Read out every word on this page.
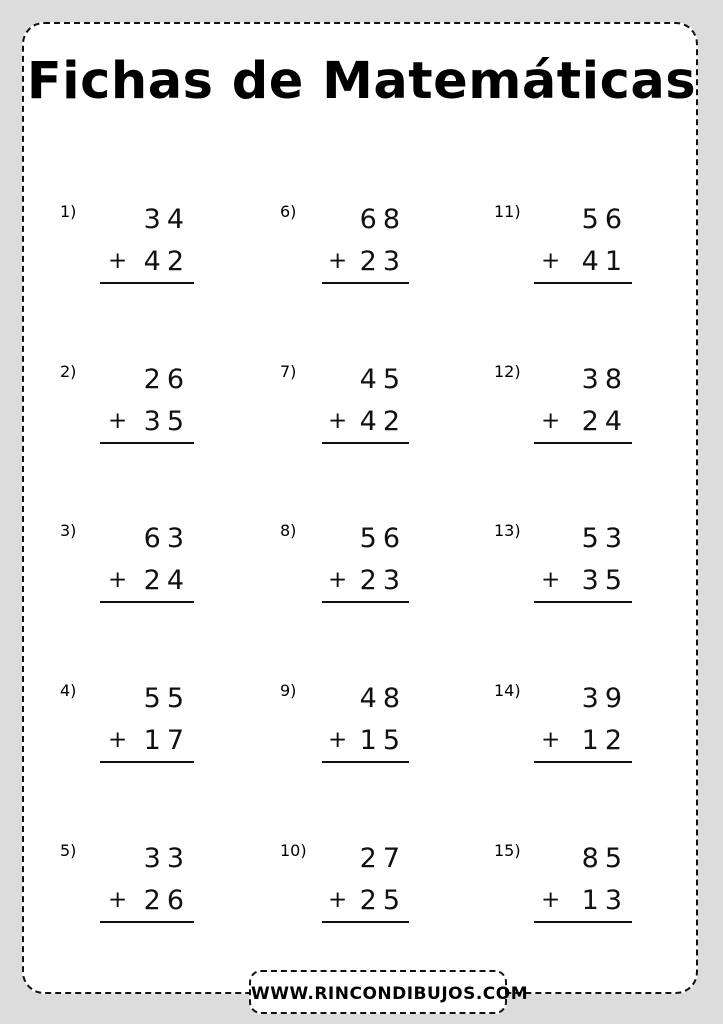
Fichas de Matemáticas
1) 34
+ 42
2) 26
+ 35
3) 63
+ 24
4) 55
+ 17
5) 33
+ 26
6) 68
+ 23
7) 45
+ 42
8) 56
+ 23
9) 48
+ 15
10) 27
+ 25
11) 56
+ 41
12) 38
+ 24
13) 53
+ 35
14) 39
+ 12
15) 85
+ 13
WWW.RINCONDIBUJOS.COM
